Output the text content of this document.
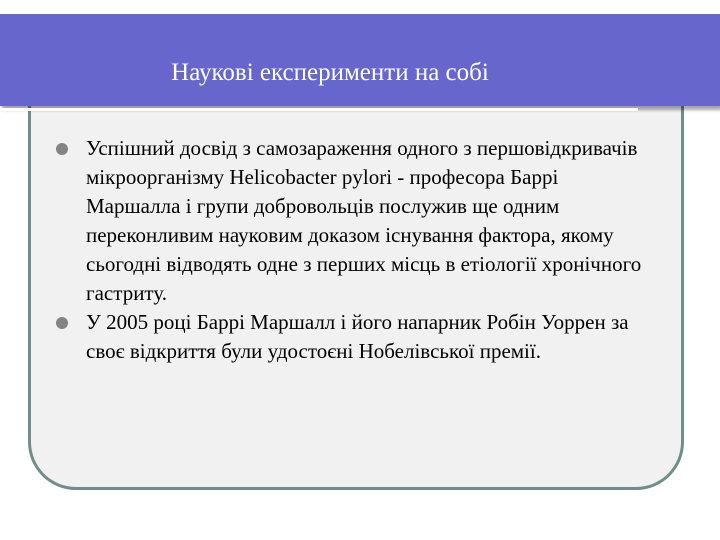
Наукові експерименти на собі
Успішний досвід з самозараження одного з першовідкривачів мікроорганізму Helicobacter pylori - професора Баррі Маршалла і групи добровольців послужив ще одним переконливим науковим доказом існування фактора, якому сьогодні відводять одне з перших місць в етіології хронічного гастриту.
У 2005 році Баррі Маршалл і його напарник Робін Уоррен за своє відкриття були удостоєні Нобелівської премії.
